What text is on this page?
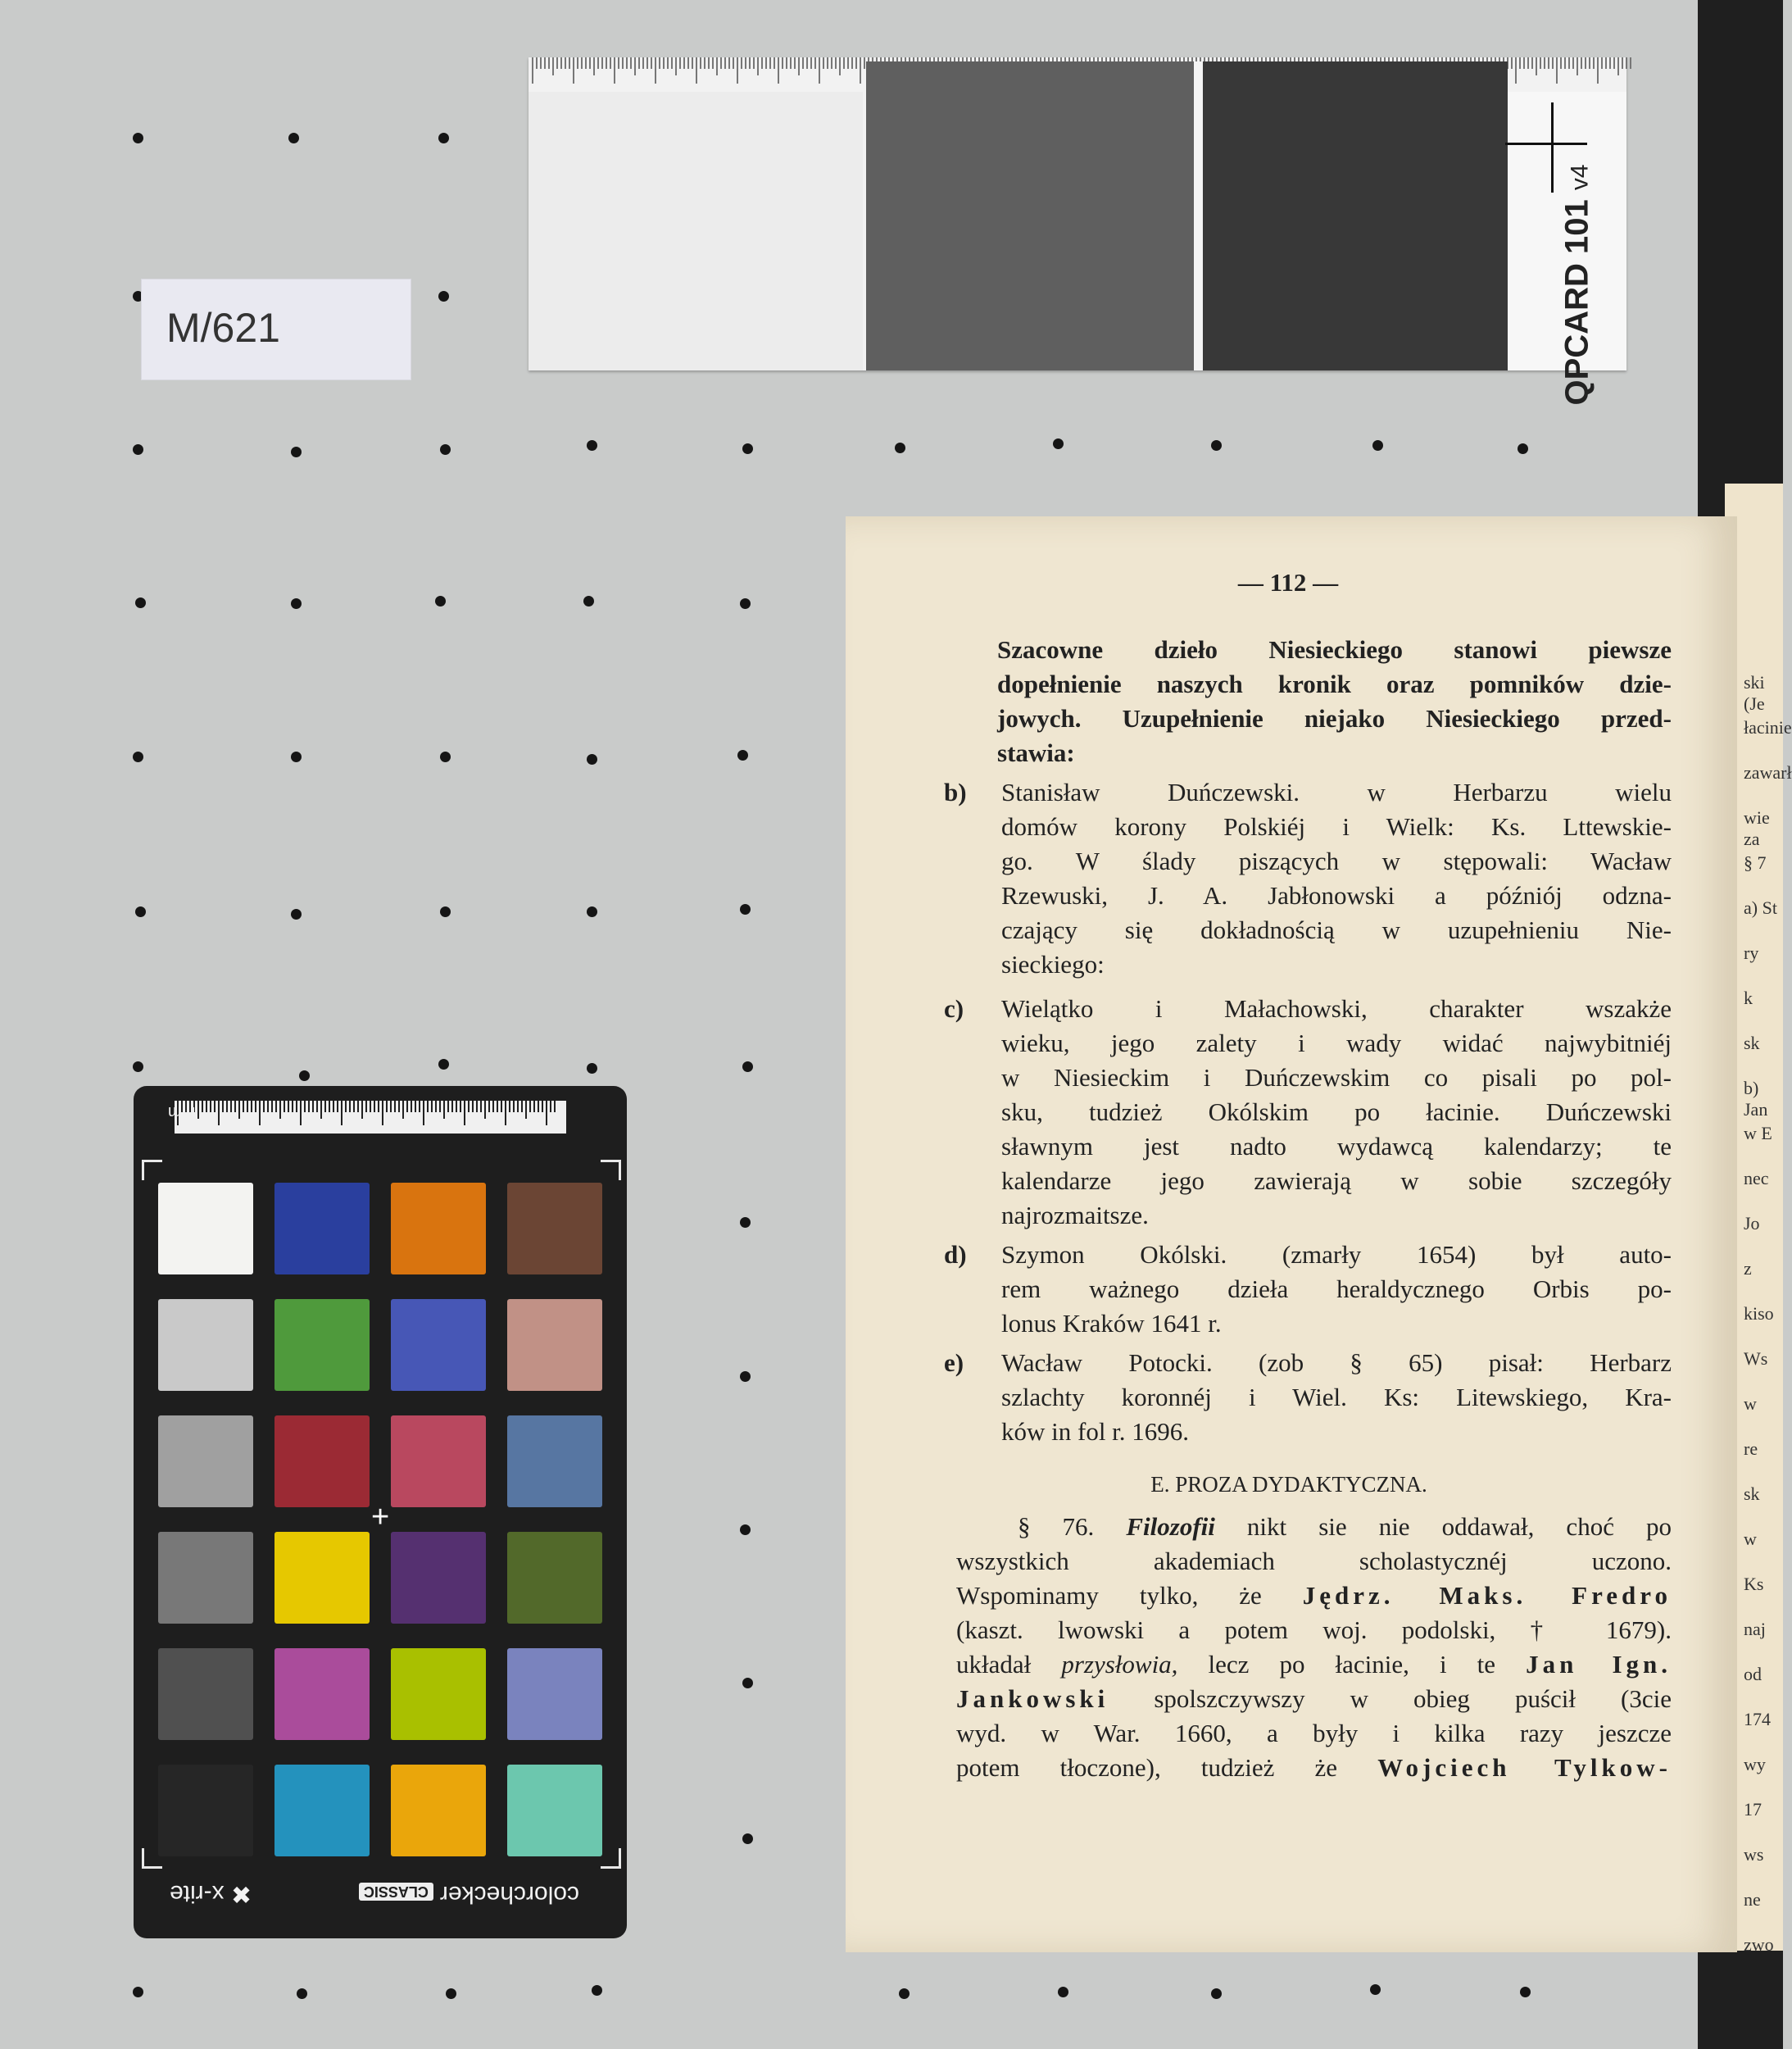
M/621	QPCARD 101 v4
mm
+
✖ x-rite	colorcheckerCLASSIC
ski (Je
łacinie
zawarł
wie za
§ 7
a) St
ry
k
sk
b) Jan
w E
nec
Jo
z
kiso
Ws
w
re
sk
w
Ks
naj
od
174
wy
17
ws
ne
zwo
— 112 —
Szacowne dzieło Niesieckiego stanowi piewsze
dopełnienie naszych kronik oraz pomników dzie-
jowych. Uzupełnienie niejako Niesieckiego przed-
stawia:
b) Stanisław Duńczewski. w Herbarzu wielu
domów korony Polskiéj i Wielk: Ks. Lttewskie-
go. W ślady piszących w stępowali: Wacław
Rzewuski, J. A. Jabłonowski a późniój odzna-
czający się dokładnością w uzupełnieniu Nie-
sieckiego:
c) Wielątko i Małachowski, charakter wszakże
wieku, jego zalety i wady widać najwybitniéj
w Niesieckim i Duńczewskim co pisali po pol-
sku, tudzież Okólskim po łacinie. Duńczewski
sławnym jest nadto wydawcą kalendarzy; te
kalendarze jego zawierają w sobie szczegóły
najrozmaitsze.
d) Szymon Okólski. (zmarły 1654) był auto-
rem ważnego dzieła heraldycznego Orbis po-
lonus Kraków 1641 r.
e) Wacław Potocki. (zob § 65) pisał: Herbarz
szlachty koronnéj i Wiel. Ks: Litewskiego, Kra-
ków in fol r. 1696.
E. PROZA DYDAKTYCZNA.
§ 76. Filozofii nikt sie nie oddawał, choć po
wszystkich akademiach scholastycznéj uczono.
Wspominamy tylko, że Jędrz. Maks. Fredro
(kaszt. lwowski a potem woj. podolski, † 1679).
układał przysłowia, lecz po łacinie, i te Jan Ign.
Jankowski spolszczywszy w obieg puścił (3cie
wyd. w War. 1660, a były i kilka razy jeszcze
potem tłoczone), tudzież że Wojciech Tylkow-
